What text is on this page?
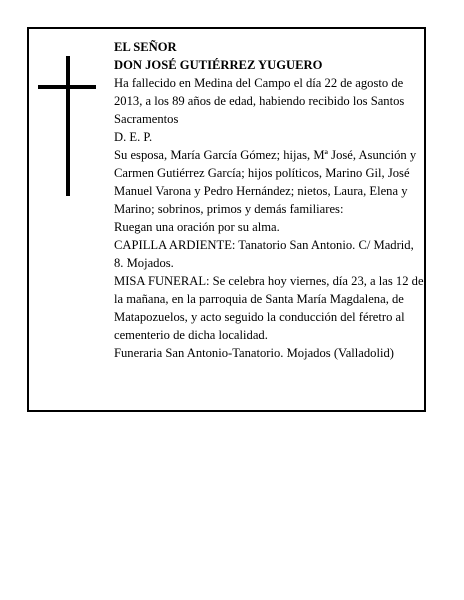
EL SEÑOR

DON JOSÉ GUTIÉRREZ YUGUERO

Ha fallecido en Medina del Campo el día 22 de agosto de 2013, a los 89 años de edad, habiendo recibido los Santos Sacramentos

D. E. P.

Su esposa, María García Gómez; hijas, Mª José, Asunción y Carmen Gutiérrez García; hijos políticos, Marino Gil, José Manuel Varona y Pedro Hernández; nietos, Laura, Elena y Marino; sobrinos, primos y demás familiares:

Ruegan una oración por su alma.

CAPILLA ARDIENTE: Tanatorio San Antonio. C/ Madrid, 8. Mojados.

MISA FUNERAL: Se celebra hoy viernes, día 23, a las 12 de la mañana, en la parroquia de Santa María Magdalena, de Matapozuelos, y acto seguido la conducción del féretro al cementerio de dicha localidad.

Funeraria San Antonio-Tanatorio. Mojados (Valladolid)
